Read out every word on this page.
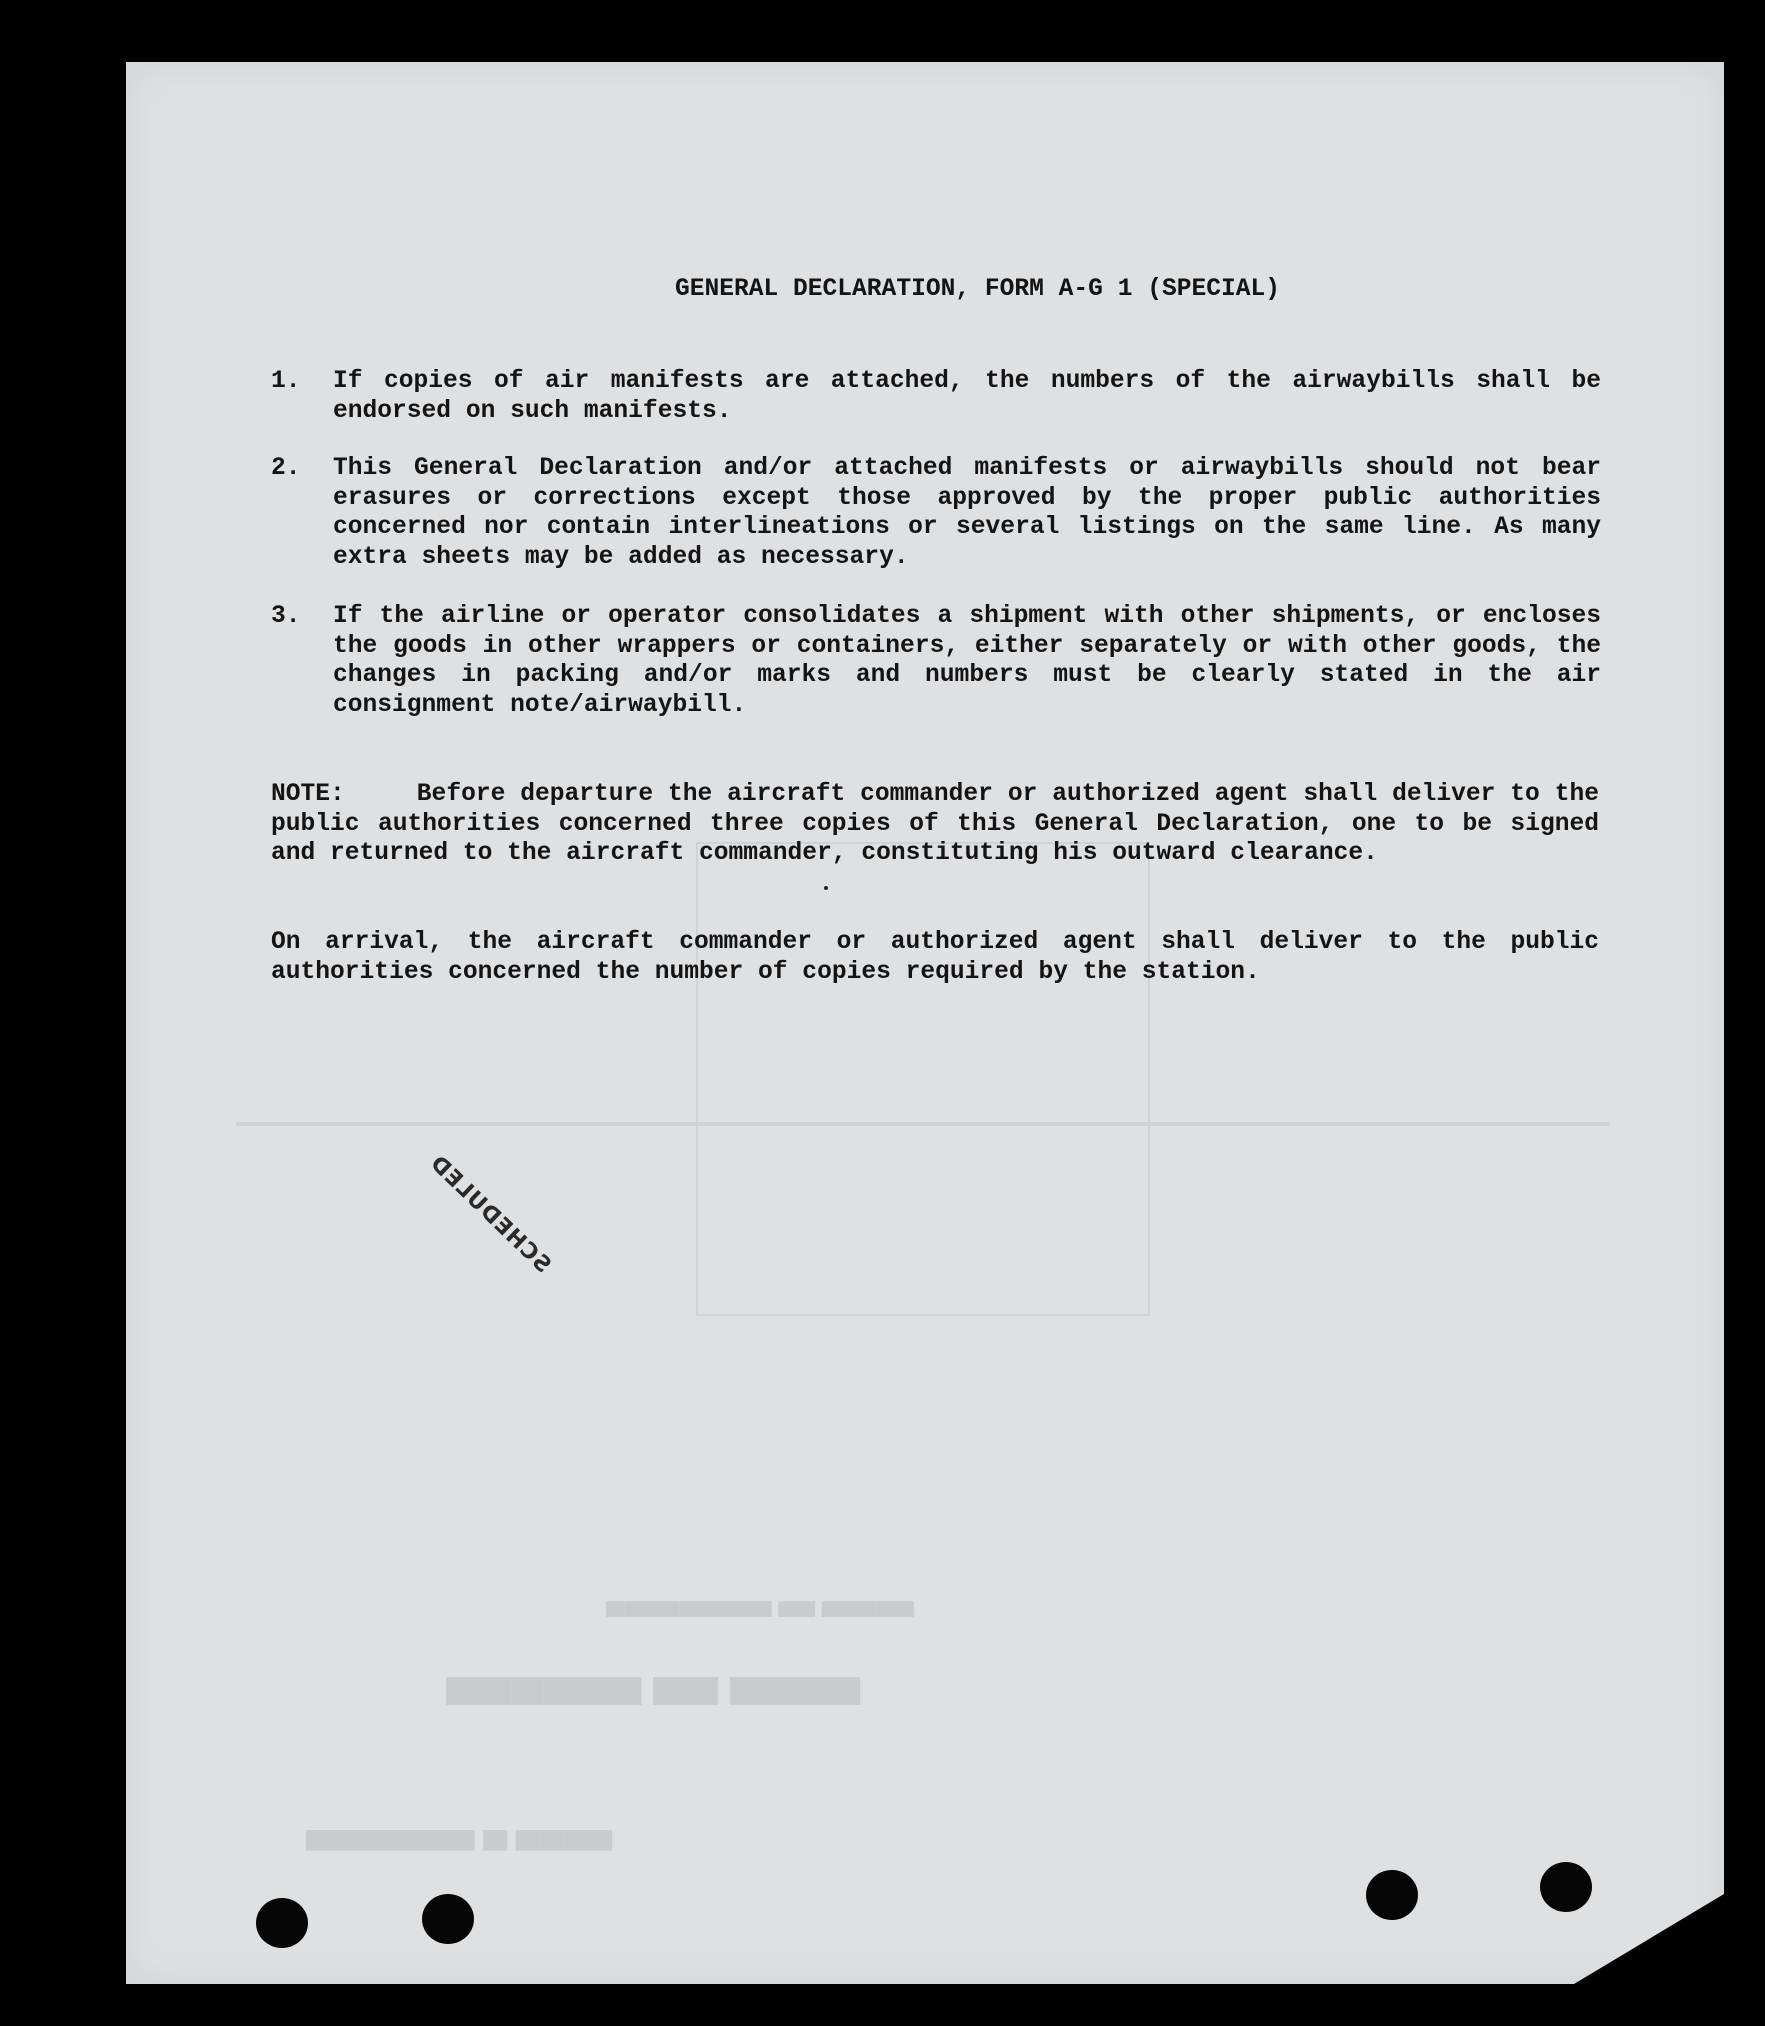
▀▀▀▀ ▀▀ ▀▀▀▀▀▀
▀▀▀▀▀ ▀▀ ▀▀▀▀▀▀▀▀▀
▀▀▀▀ ▀ ▀▀▀▀▀▀▀
GENERAL DECLARATION, FORM A-G 1 (SPECIAL)
1.	If copies of air manifests are attached, the numbers of the airwaybills shall be endorsed on such manifests.
2.	This General Declaration and/or attached manifests or airwaybills should not bear erasures or corrections except those approved by the proper public authorities concerned nor contain interlineations or several listings on the same line. As many extra sheets may be added as necessary.
3.	If the airline or operator consolidates a shipment with other shipments, or encloses the goods in other wrappers or containers, either separately or with other goods, the changes in packing and/or marks and numbers must be clearly stated in the air consignment note/airwaybill.
NOTE:	Before departure the aircraft commander or authorized agent shall deliver to the public authorities concerned three copies of this General Declaration, one to be signed and returned to the aircraft commander, constituting his outward clearance.
On arrival, the aircraft commander or authorized agent shall deliver to the public authorities concerned the number of copies required by the station.
SCHEDULED
